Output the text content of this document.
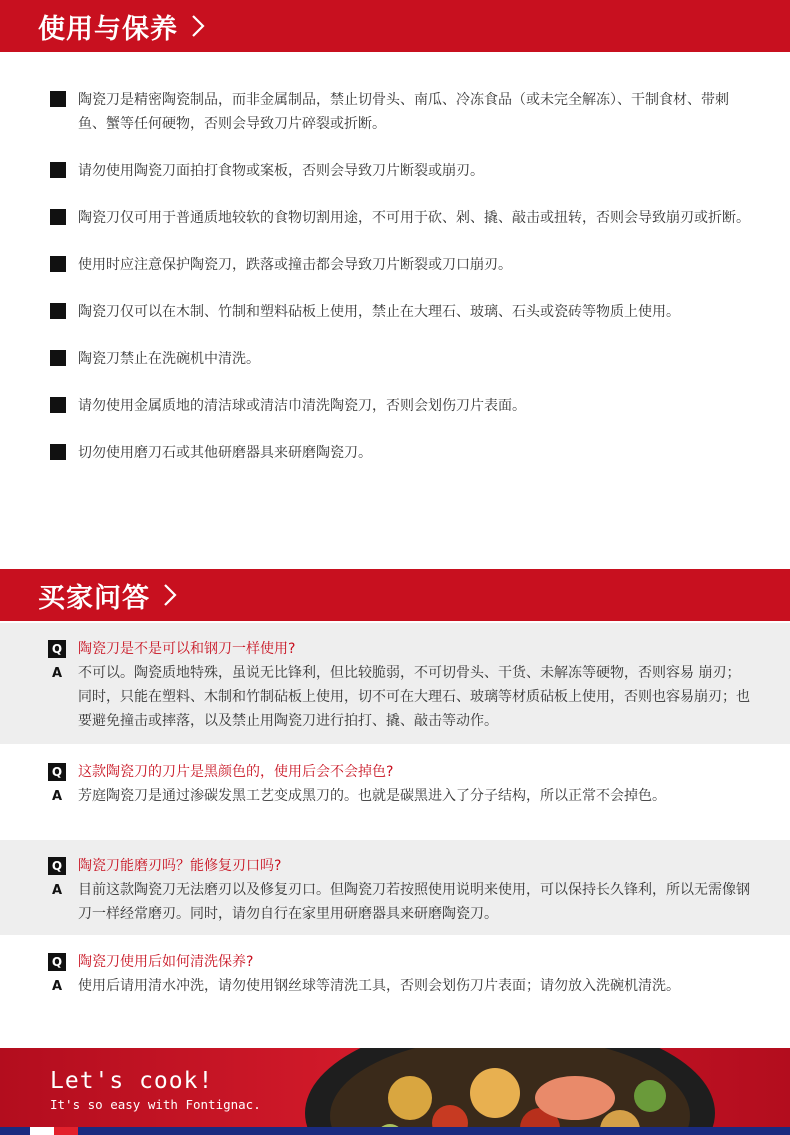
使用与保养
陶瓷刀是精密陶瓷制品，而非金属制品，禁止切骨头、南瓜、冷冻食品（或未完全解冻）、干制食材、带刺鱼、蟹等任何硬物，否则会导致刀片碎裂或折断。
请勿使用陶瓷刀面拍打食物或案板，否则会导致刀片断裂或崩刃。
陶瓷刀仅可用于普通质地较软的食物切割用途，不可用于砍、剁、撬、敲击或扭转，否则会导致崩刃或折断。
使用时应注意保护陶瓷刀，跌落或撞击都会导致刀片断裂或刀口崩刃。
陶瓷刀仅可以在木制、竹制和塑料砧板上使用，禁止在大理石、玻璃、石头或瓷砖等物质上使用。
陶瓷刀禁止在洗碗机中清洗。
请勿使用金属质地的清洁球或清洁巾清洗陶瓷刀，否则会划伤刀片表面。
切勿使用磨刀石或其他研磨器具来研磨陶瓷刀。
买家问答
Q 陶瓷刀是不是可以和钢刀一样使用?
A 不可以。陶瓷质地特殊，虽说无比锋利，但比较脆弱，不可切骨头、干货、未解冻等硬物，否则容易 崩刃；同时，只能在塑料、木制和竹制砧板上使用，切不可在大理石、玻璃等材质砧板上使用，否则也容易崩刃；也要避免撞击或摔落，以及禁止用陶瓷刀进行拍打、撬、敲击等动作。
Q 这款陶瓷刀的刀片是黑颜色的，使用后会不会掉色?
A 芳庭陶瓷刀是通过渗碳发黑工艺变成黑刀的。也就是碳黑进入了分子结构，所以正常不会掉色。
Q 陶瓷刀能磨刃吗？能修复刃口吗?
A 目前这款陶瓷刀无法磨刃以及修复刃口。但陶瓷刀若按照使用说明来使用，可以保持长久锋利，所以无需像钢刀一样经常磨刃。同时，请勿自行在家里用研磨器具来研磨陶瓷刀。
Q 陶瓷刀使用后如何清洗保养?
A 使用后请用清水冲洗，请勿使用钢丝球等清洗工具，否则会划伤刀片表面；请勿放入洗碗机清洗。
Let's cook!
It's so easy with Fontignac.
